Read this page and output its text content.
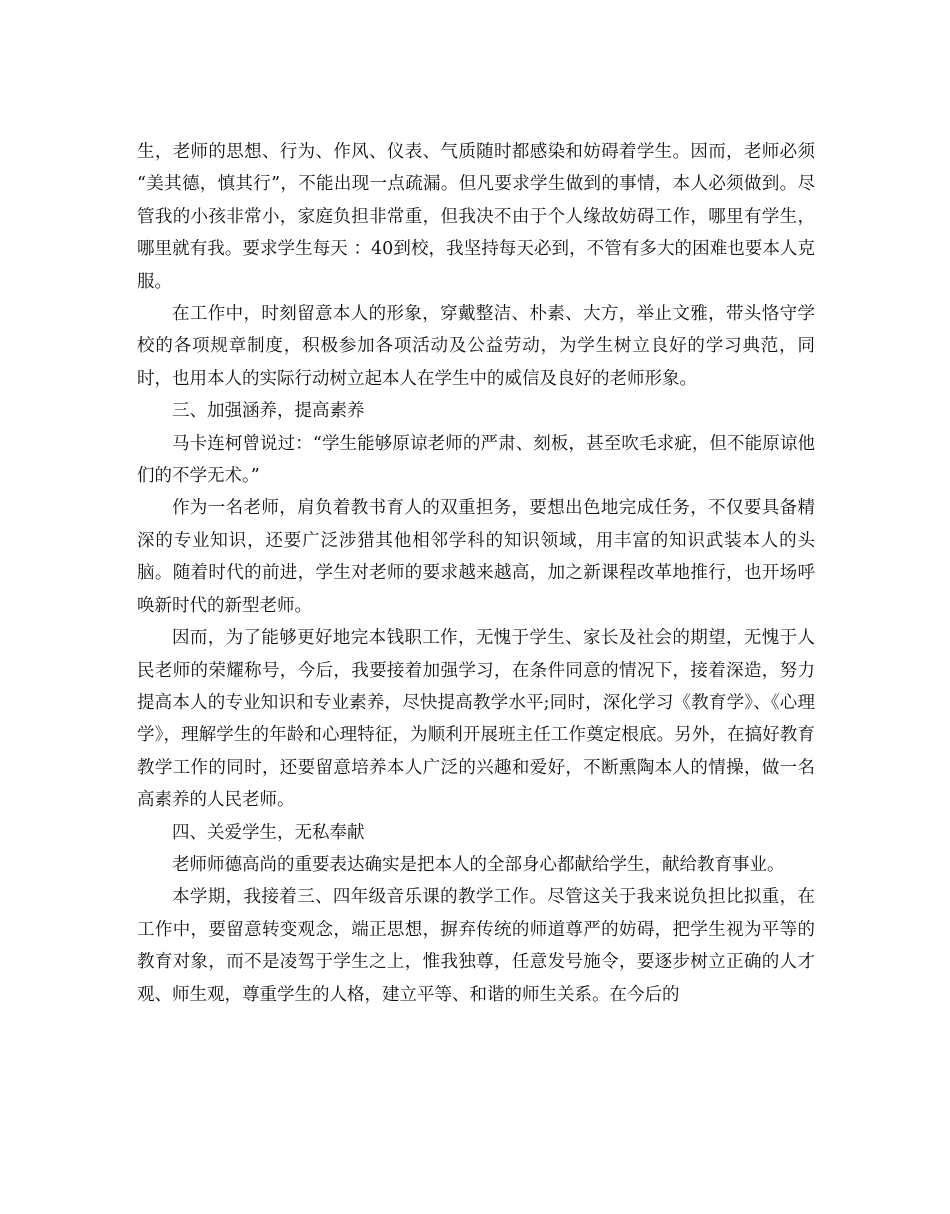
生，老师的思想、行为、作风、仪表、气质随时都感染和妨碍着学生。因而，老师必须 “美其德，慎其行”，不能出现一点疏漏。但凡要求学生做到的事情，本人必须做到。尽管我的小孩非常小，家庭负担非常重，但我决不由于个人缘故妨碍工作，哪里有学生，哪里就有我。要求学生每天 ：40到校，我坚持每天必到，不管有多大的困难也要本人克服。

在工作中，时刻留意本人的形象，穿戴整洁、朴素、大方，举止文雅，带头恪守学校的各项规章制度，积极参加各项活动及公益劳动，为学生树立良好的学习典范，同时，也用本人的实际行动树立起本人在学生中的威信及良好的老师形象。

三、加强涵养，提高素养

马卡连柯曾说过：“学生能够原谅老师的严肃、刻板，甚至吹毛求疵，但不能原谅他们的不学无术。”

作为一名老师，肩负着教书育人的双重担务，要想出色地完成任务，不仅要具备精深的专业知识，还要广泛涉猎其他相邻学科的知识领域，用丰富的知识武装本人的头脑。随着时代的前进，学生对老师的要求越来越高，加之新课程改革地推行，也开场呼唤新时代的新型老师。

因而，为了能够更好地完本钱职工作，无愧于学生、家长及社会的期望，无愧于人民老师的荣耀称号，今后，我要接着加强学习，在条件同意的情况下，接着深造，努力提高本人的专业知识和专业素养，尽快提高教学水平;同时，深化学习《教育学》、《心理学》，理解学生的年龄和心理特征，为顺利开展班主任工作奠定根底。另外，在搞好教育教学工作的同时，还要留意培养本人广泛的兴趣和爱好，不断熏陶本人的情操，做一名高素养的人民老师。

四、关爱学生，无私奉献

老师师德高尚的重要表达确实是把本人的全部身心都献给学生，献给教育事业。

本学期，我接着三、四年级音乐课的教学工作。尽管这关于我来说负担比拟重，在工作中，要留意转变观念，端正思想，摒弃传统的师道尊严的妨碍，把学生视为平等的教育对象，而不是凌驾于学生之上，惟我独尊，任意发号施令，要逐步树立正确的人才观、师生观，尊重学生的人格，建立平等、和谐的师生关系。在今后的
